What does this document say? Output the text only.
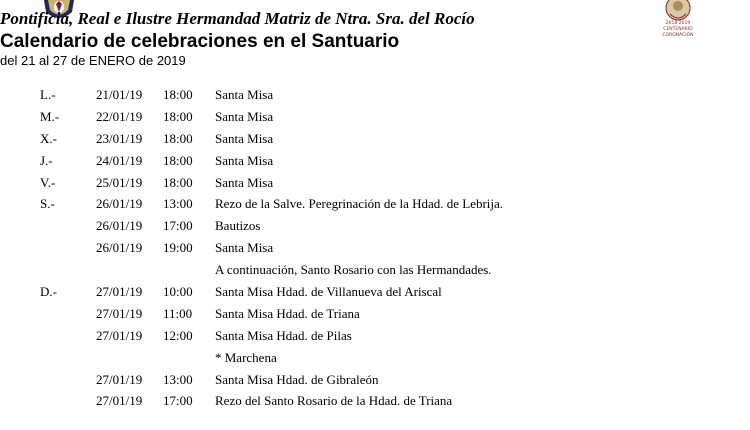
2018-2019
CENTENARIO
CORONACIÓN
Pontificia, Real e Ilustre Hermandad Matriz de Ntra. Sra. del Rocío
Calendario de celebraciones en el Santuario
del 21 al 27 de ENERO de 2019
L.-	21/01/19 18:00 Santa Misa
M.-	22/01/19 18:00 Santa Misa
X.-	23/01/19 18:00 Santa Misa
J.-	24/01/19 18:00 Santa Misa
V.-	25/01/19 18:00 Santa Misa
S.-	26/01/19 13:00 Rezo de la Salve. Peregrinación de la Hdad. de Lebrija.
26/01/19 17:00 Bautizos
26/01/19 19:00 Santa Misa
A continuación, Santo Rosario con las Hermandades.
D.-	27/01/19 10:00 Santa Misa Hdad. de Villanueva del Ariscal
27/01/19 11:00 Santa Misa Hdad. de Triana
27/01/19 12:00 Santa Misa Hdad. de Pilas
* Marchena
27/01/19 13:00 Santa Misa Hdad. de Gibraleón
27/01/19 17:00 Rezo del Santo Rosario de la Hdad. de Triana
